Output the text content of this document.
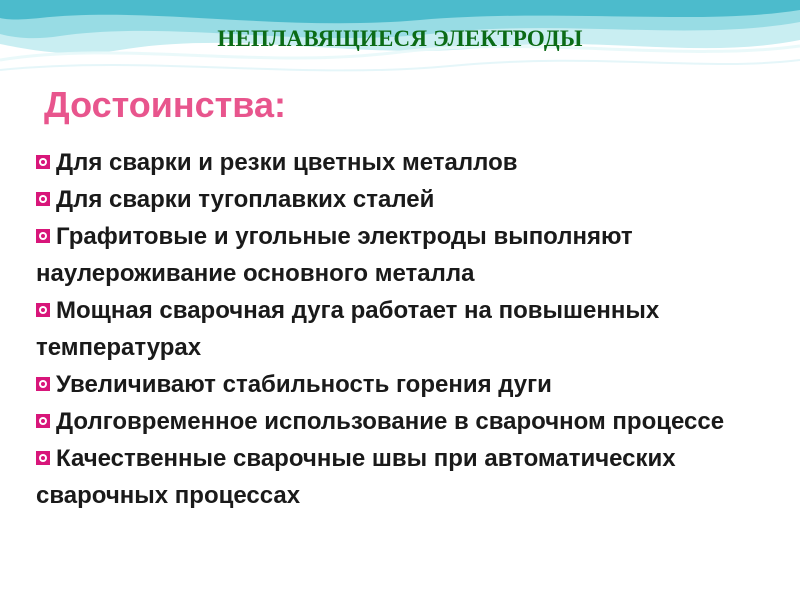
НЕПЛАВЯЩИЕСЯ ЭЛЕКТРОДЫ
Достоинства:
Для сварки и резки цветных металлов
Для сварки тугоплавких сталей
Графитовые и угольные электроды выполняют наулероживание основного металла
Мощная сварочная дуга работает на повышенных температурах
Увеличивают стабильность горения дуги
Долговременное использование в сварочном процессе
Качественные сварочные швы при автоматических сварочных процессах
